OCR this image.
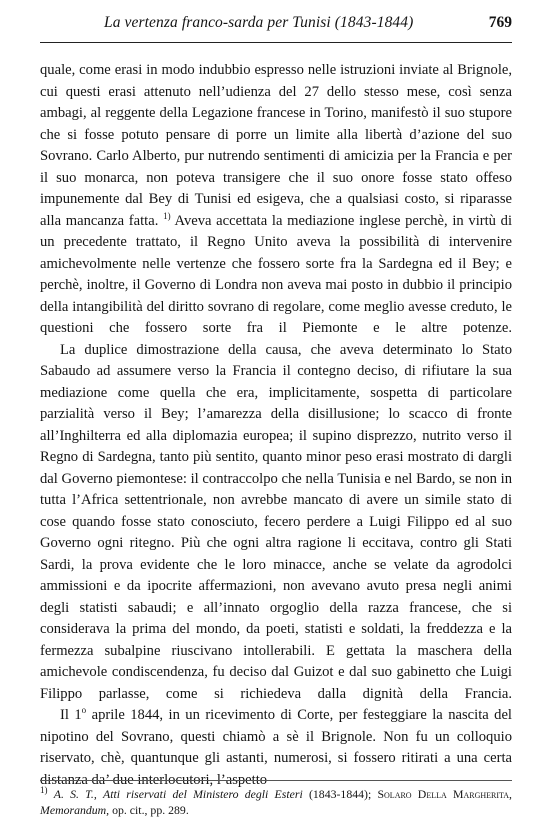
La vertenza franco-sarda per Tunisi (1843-1844)	769

quale, come erasi in modo indubbio espresso nelle istruzioni inviate al Brignole, cui questi erasi attenuto nell’udienza del 27 dello stesso mese, così senza ambagi, al reggente della Legazione francese in Torino, manifestò il suo stupore che si fosse potuto pensare di porre un limite alla libertà d’azione del suo Sovrano. Carlo Alberto, pur nutrendo sentimenti di amicizia per la Francia e per il suo monarca, non poteva transigere che il suo onore fosse stato offeso impunemente dal Bey di Tunisi ed esigeva, che a qualsiasi costo, si riparasse alla mancanza fatta. $^{1)}$ Aveva accettata la mediazione inglese perchè, in virtù di un precedente trattato, il Regno Unito aveva la possibilità di intervenire amichevolmente nelle vertenze che fossero sorte fra la Sardegna ed il Bey; e perchè, inoltre, il Governo di Londra non aveva mai posto in dubbio il principio della intangibilità del diritto sovrano di regolare, come meglio avesse creduto, le questioni che fossero sorte fra il Piemonte e le altre potenze.

La duplice dimostrazione della causa, che aveva determinato lo Stato Sabaudo ad assumere verso la Francia il contegno deciso, di rifiutare la sua mediazione come quella che era, implicitamente, sospetta di particolare parzialità verso il Bey; l’amarezza della disillusione; lo scacco di fronte all’Inghilterra ed alla diplomazia europea; il supino disprezzo, nutrito verso il Regno di Sardegna, tanto più sentito, quanto minor peso erasi mostrato di dargli dal Governo piemontese: il contraccolpo che nella Tunisia e nel Bardo, se non in tutta l’Africa settentrionale, non avrebbe mancato di avere un simile stato di cose quando fosse stato conosciuto, fecero perdere a Luigi Filippo ed al suo Governo ogni ritegno. Più che ogni altra ragione li eccitava, contro gli Stati Sardi, la prova evidente che le loro minacce, anche se velate da agrodolci ammissioni e da ipocrite affermazioni, non avevano avuto presa negli animi degli statisti sabaudi; e all’innato orgoglio della razza francese, che si considerava la prima del mondo, da poeti, statisti e soldati, la freddezza e la fermezza subalpine riuscivano intollerabili. E gettata la maschera della amichevole condiscendenza, fu deciso dal Guizot e dal suo gabinetto che Luigi Filippo parlasse, come si richiedeva dalla dignità della Francia.

Il 1$^o$ aprile 1844, in un ricevimento di Corte, per festeggiare la nascita del nipotino del Sovrano, questi chiamò a sè il Brignole. Non fu un colloquio riservato, chè, quantunque gli astanti, numerosi, si fossero ritirati a una certa distanza da’ due interlocutori, l’aspetto

$^{1)}$ A. S. T., Atti riservati del Ministero degli Esteri (1843-1844); Solaro Della Margherita, Memorandum, op. cit., pp. 289.
